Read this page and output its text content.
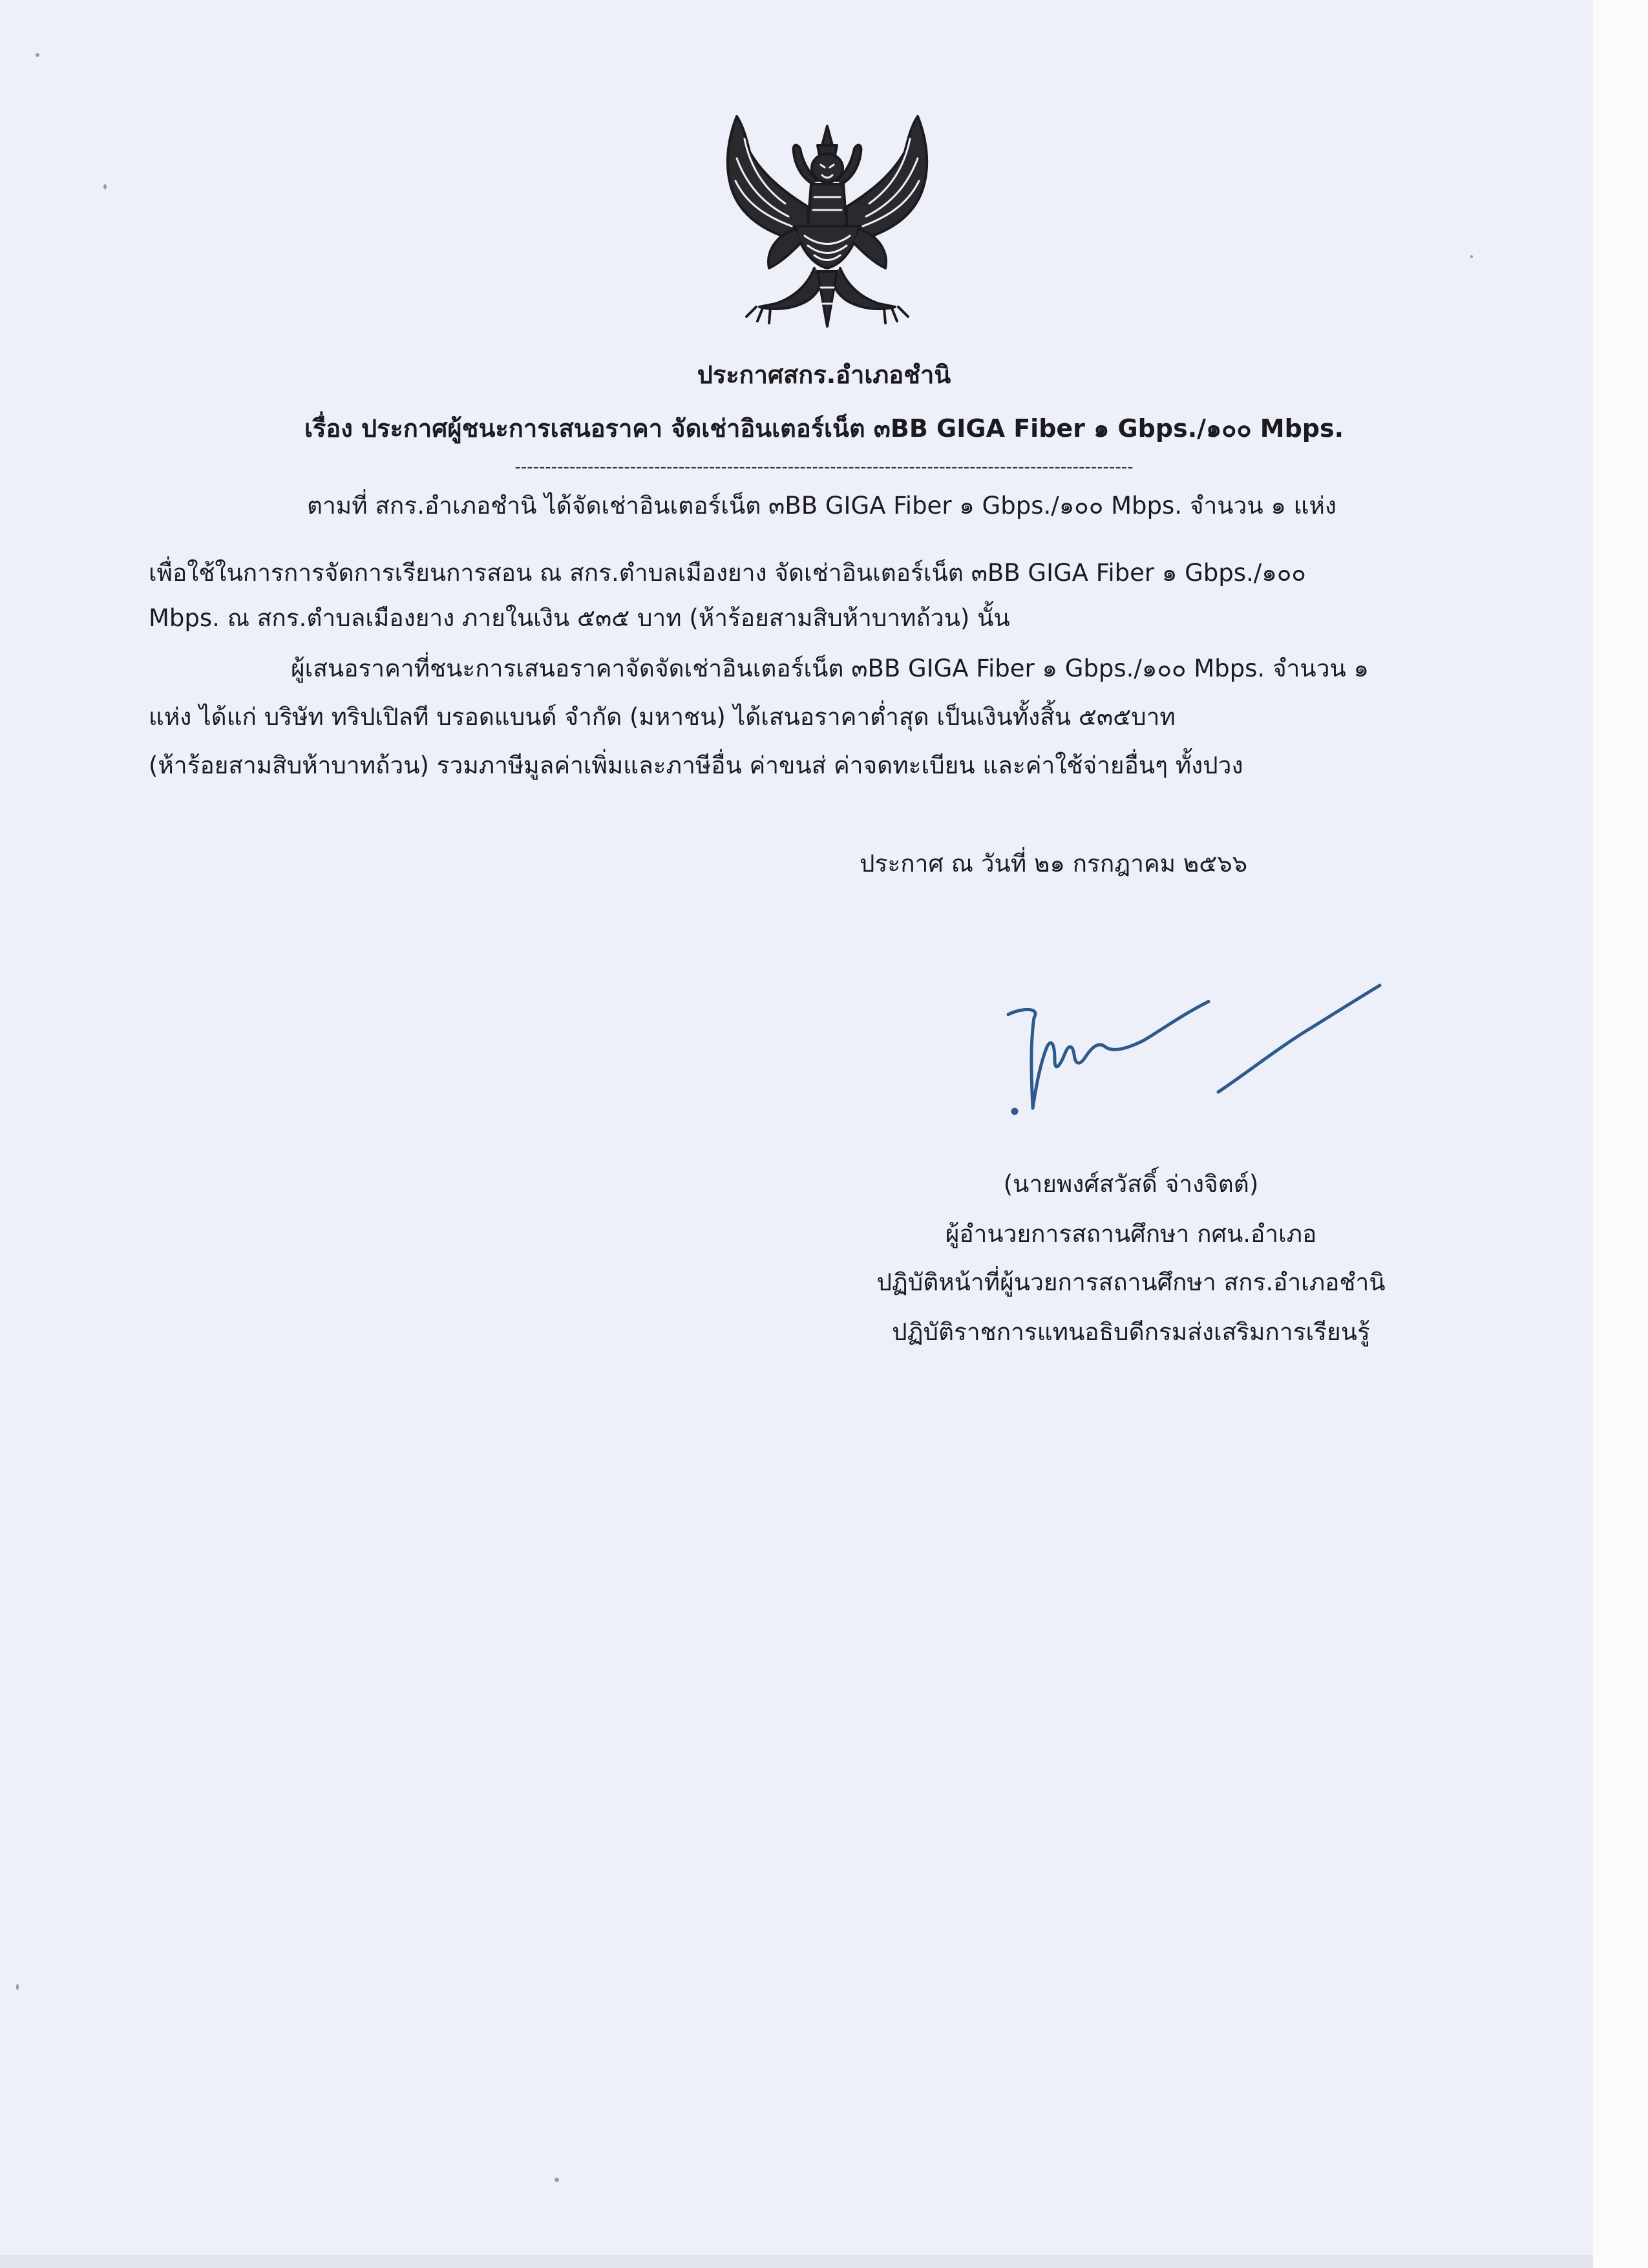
ประกาศสกร.อำเภอชำนิ
เรื่อง ประกาศผู้ชนะการเสนอราคา จัดเช่าอินเตอร์เน็ต ๓BB GIGA Fiber ๑ Gbps./๑๐๐ Mbps.
------------------------------------------------------------------------------------------------------
ตามที่ สกร.อำเภอชำนิ ได้จัดเช่าอินเตอร์เน็ต ๓BB GIGA Fiber ๑ Gbps./๑๐๐ Mbps. จำนวน ๑ แห่ง
เพื่อใช้ในการการจัดการเรียนการสอน ณ สกร.ตำบลเมืองยาง จัดเช่าอินเตอร์เน็ต ๓BB GIGA Fiber ๑ Gbps./๑๐๐
Mbps. ณ สกร.ตำบลเมืองยาง ภายในเงิน ๕๓๕ บาท (ห้าร้อยสามสิบห้าบาทถ้วน) นั้น
ผู้เสนอราคาที่ชนะการเสนอราคาจัดจัดเช่าอินเตอร์เน็ต ๓BB GIGA Fiber ๑ Gbps./๑๐๐ Mbps. จำนวน ๑
แห่ง ได้แก่ บริษัท ทริปเปิลที บรอดแบนด์ จำกัด (มหาชน) ได้เสนอราคาต่ำสุด เป็นเงินทั้งสิ้น ๕๓๕บาท
(ห้าร้อยสามสิบห้าบาทถ้วน) รวมภาษีมูลค่าเพิ่มและภาษีอื่น ค่าขนส่ ค่าจดทะเบียน และค่าใช้จ่ายอื่นๆ ทั้งปวง
ประกาศ ณ วันที่ ๒๑ กรกฎาคม ๒๕๖๖
(นายพงศ์สวัสดิ์ จ่างจิตต์)
ผู้อำนวยการสถานศึกษา กศน.อำเภอ
ปฏิบัติหน้าที่ผู้นวยการสถานศึกษา สกร.อำเภอชำนิ
ปฏิบัติราชการแทนอธิบดีกรมส่งเสริมการเรียนรู้
